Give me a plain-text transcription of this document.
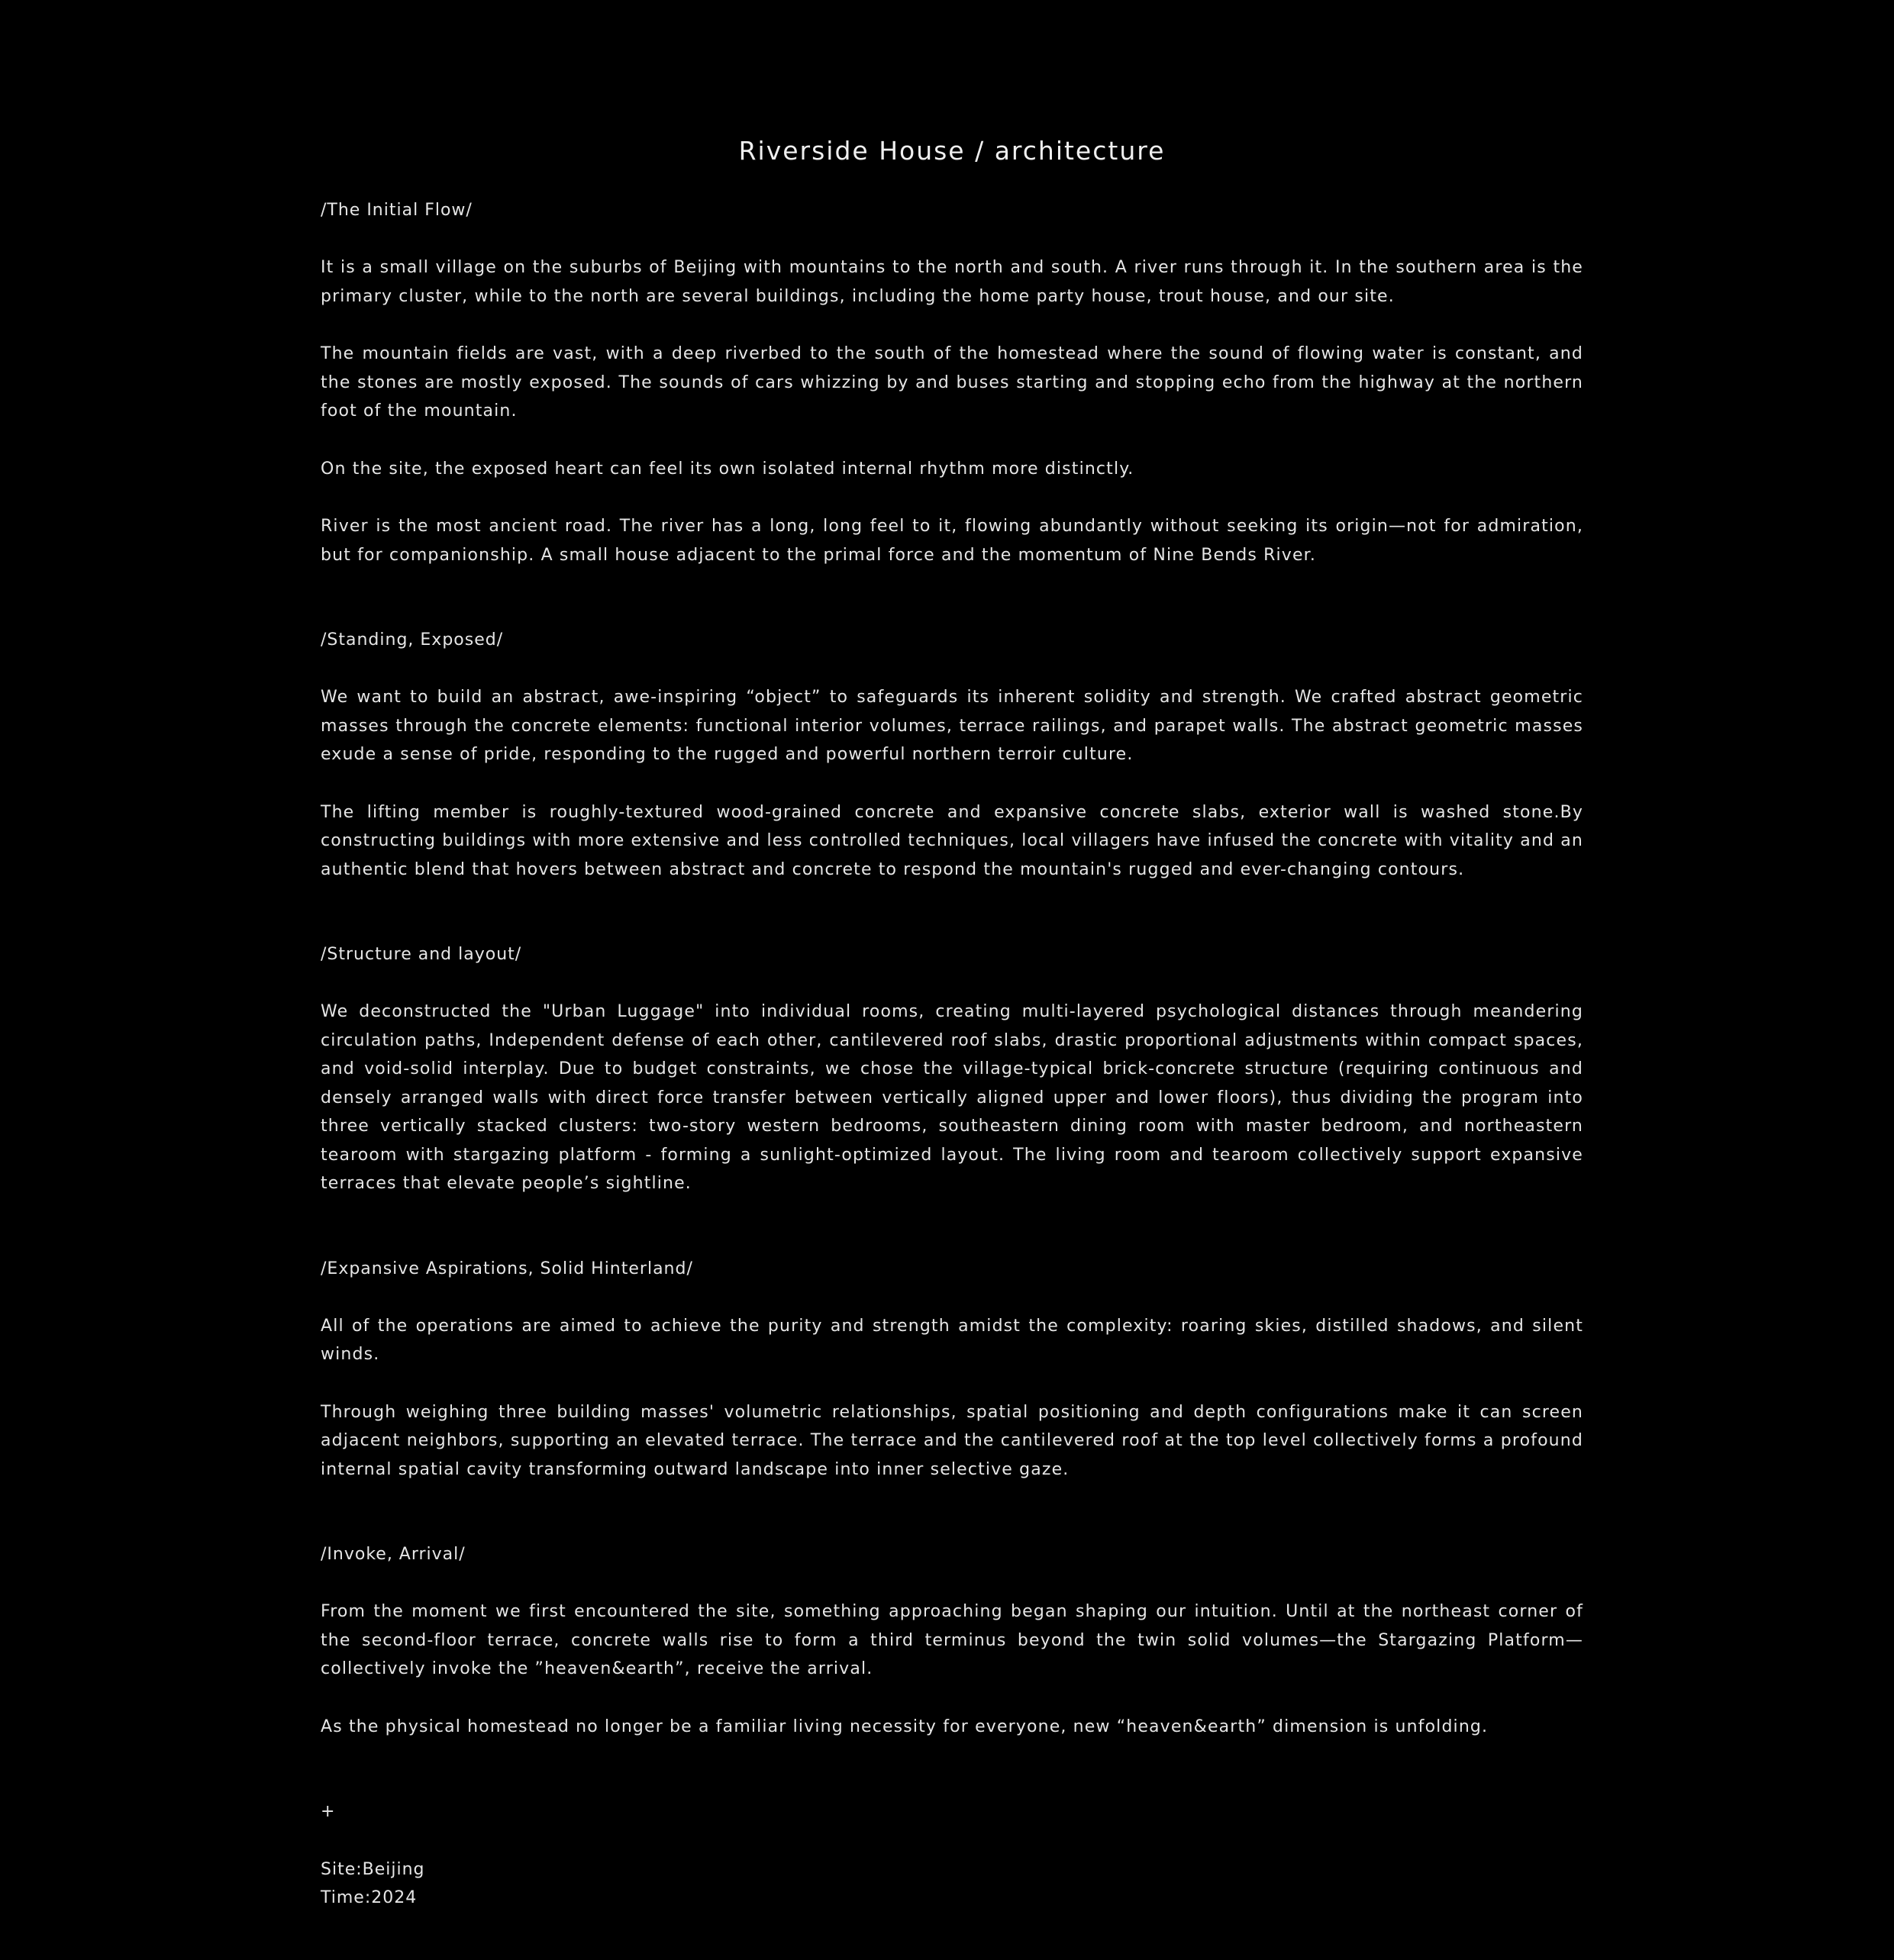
Riverside House / architecture
/The Initial Flow/

It is a small village on the suburbs of Beijing with mountains to the north and south. A river runs through it. In the southern area is the primary cluster, while to the north are several buildings, including the home party house, trout house, and our site.

The mountain fields are vast, with a deep riverbed to the south of the homestead where the sound of flowing water is constant, and the stones are mostly exposed. The sounds of cars whizzing by and buses starting and stopping echo from the highway at the northern foot of the mountain.

On the site, the exposed heart can feel its own isolated internal rhythm more distinctly.

River is the most ancient road. The river has a long, long feel to it, flowing abundantly without seeking its origin—not for admiration, but for companionship. A small house adjacent to the primal force and the momentum of Nine Bends River.

/Standing, Exposed/

We want to build an abstract, awe-inspiring “object” to safeguards its inherent solidity and strength. We crafted abstract geometric masses through the concrete elements: functional interior volumes, terrace railings, and parapet walls. The abstract geometric masses exude a sense of pride, responding to the rugged and powerful northern terroir culture.

The lifting member is roughly-textured wood-grained concrete and expansive concrete slabs, exterior wall is washed stone.By constructing buildings with more extensive and less controlled techniques, local villagers have infused the concrete with vitality and an authentic blend that hovers between abstract and concrete to respond the mountain's rugged and ever-changing contours.

/Structure and layout/

We deconstructed the "Urban Luggage" into individual rooms, creating multi-layered psychological distances through meandering circulation paths, Independent defense of each other, cantilevered roof slabs, drastic proportional adjustments within compact spaces, and void-solid interplay. Due to budget constraints, we chose the village-typical brick-concrete structure (requiring continuous and densely arranged walls with direct force transfer between vertically aligned upper and lower floors), thus dividing the program into three vertically stacked clusters: two-story western bedrooms, southeastern dining room with master bedroom, and northeastern tearoom with stargazing platform - forming a sunlight-optimized layout. The living room and tearoom collectively support expansive terraces that elevate people’s sightline.

/Expansive Aspirations, Solid Hinterland/

All of the operations are aimed to achieve the purity and strength amidst the complexity: roaring skies, distilled shadows, and silent winds.

Through weighing three building masses' volumetric relationships, spatial positioning and depth configurations make it can screen adjacent neighbors, supporting an elevated terrace. The terrace and the cantilevered roof at the top level collectively forms a profound internal spatial cavity transforming outward landscape into inner selective gaze.

/Invoke, Arrival/

From the moment we first encountered the site, something approaching began shaping our intuition. Until at the northeast corner of the second-floor terrace, concrete walls rise to form a third terminus beyond the twin solid volumes—the Stargazing Platform—collectively invoke the ”heaven&earth”, receive the arrival.

As the physical homestead no longer be a familiar living necessity for everyone, new “heaven&earth” dimension is unfolding.

+
Site:Beijing
Time:2024
